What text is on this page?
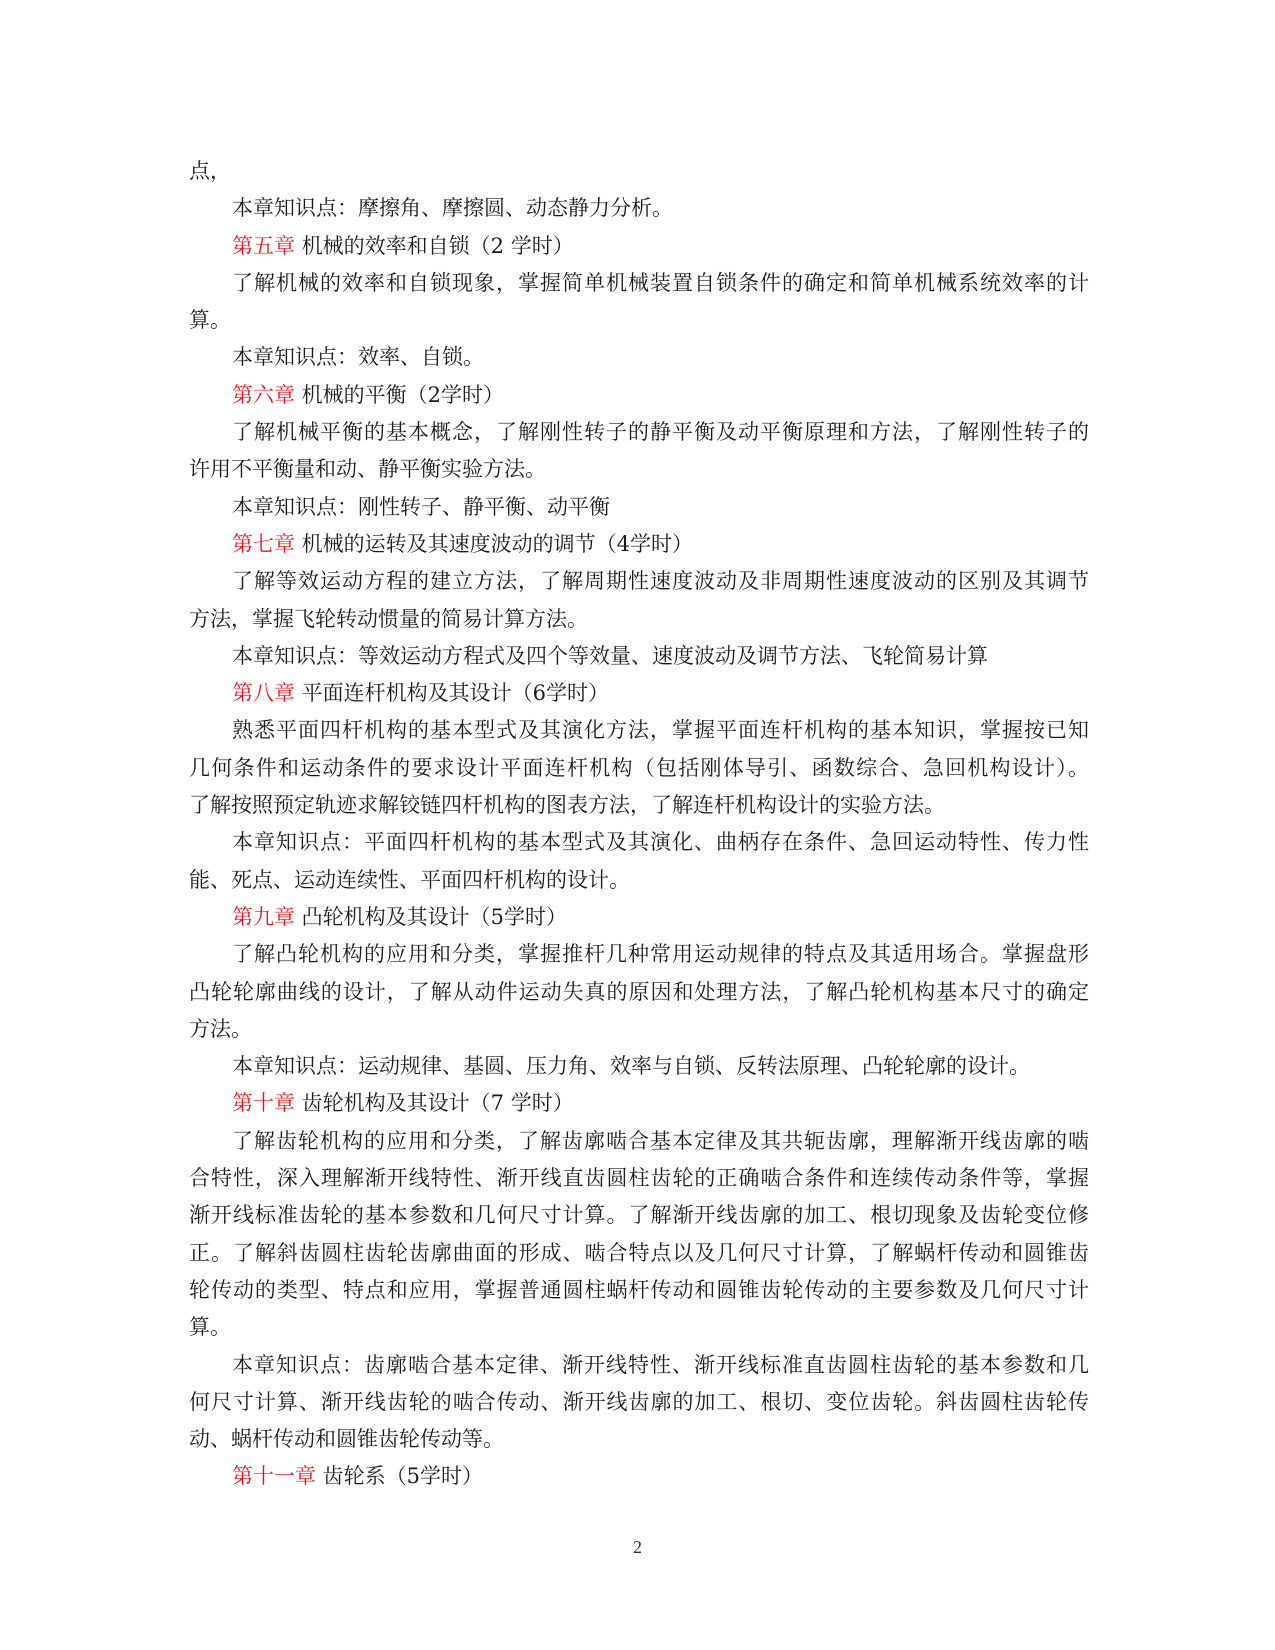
点，
本章知识点：摩擦角、摩擦圆、动态静力分析。
第五章 机械的效率和自锁（2 学时）
了解机械的效率和自锁现象，掌握简单机械装置自锁条件的确定和简单机械系统效率的计
算。
本章知识点：效率、自锁。
第六章 机械的平衡（2学时）
了解机械平衡的基本概念，了解刚性转子的静平衡及动平衡原理和方法，了解刚性转子的
许用不平衡量和动、静平衡实验方法。
本章知识点：刚性转子、静平衡、动平衡
第七章 机械的运转及其速度波动的调节（4学时）
了解等效运动方程的建立方法，了解周期性速度波动及非周期性速度波动的区别及其调节
方法，掌握飞轮转动惯量的简易计算方法。
本章知识点：等效运动方程式及四个等效量、速度波动及调节方法、飞轮简易计算
第八章 平面连杆机构及其设计（6学时）
熟悉平面四杆机构的基本型式及其演化方法，掌握平面连杆机构的基本知识，掌握按已知
几何条件和运动条件的要求设计平面连杆机构（包括刚体导引、函数综合、急回机构设计）。
了解按照预定轨迹求解铰链四杆机构的图表方法，了解连杆机构设计的实验方法。
本章知识点：平面四杆机构的基本型式及其演化、曲柄存在条件、急回运动特性、传力性
能、死点、运动连续性、平面四杆机构的设计。
第九章 凸轮机构及其设计（5学时）
了解凸轮机构的应用和分类，掌握推杆几种常用运动规律的特点及其适用场合。掌握盘形
凸轮轮廓曲线的设计，了解从动件运动失真的原因和处理方法，了解凸轮机构基本尺寸的确定
方法。
本章知识点：运动规律、基圆、压力角、效率与自锁、反转法原理、凸轮轮廓的设计。
第十章 齿轮机构及其设计（7 学时）
了解齿轮机构的应用和分类，了解齿廓啮合基本定律及其共轭齿廓，理解渐开线齿廓的啮
合特性，深入理解渐开线特性、渐开线直齿圆柱齿轮的正确啮合条件和连续传动条件等，掌握
渐开线标准齿轮的基本参数和几何尺寸计算。了解渐开线齿廓的加工、根切现象及齿轮变位修
正。了解斜齿圆柱齿轮齿廓曲面的形成、啮合特点以及几何尺寸计算，了解蜗杆传动和圆锥齿
轮传动的类型、特点和应用，掌握普通圆柱蜗杆传动和圆锥齿轮传动的主要参数及几何尺寸计
算。
本章知识点：齿廓啮合基本定律、渐开线特性、渐开线标准直齿圆柱齿轮的基本参数和几
何尺寸计算、渐开线齿轮的啮合传动、渐开线齿廓的加工、根切、变位齿轮。斜齿圆柱齿轮传
动、蜗杆传动和圆锥齿轮传动等。
第十一章 齿轮系（5学时）
2
